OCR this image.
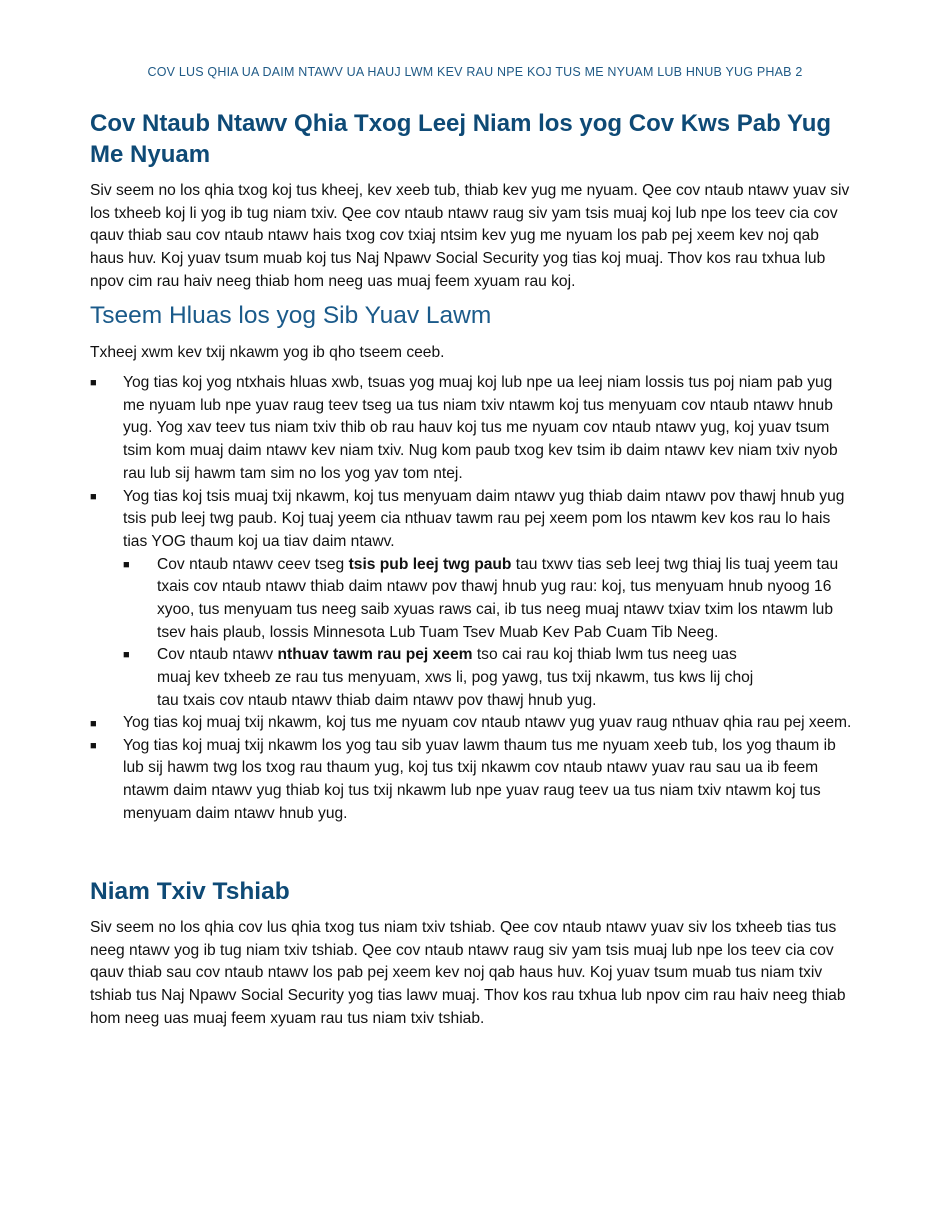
COV LUS QHIA UA DAIM NTAWV UA HAUJ LWM KEV RAU NPE KOJ TUS ME NYUAM LUB HNUB YUG PHAB 2
Cov Ntaub Ntawv Qhia Txog Leej Niam los yog Cov Kws Pab Yug Me Nyuam

Siv seem no los qhia txog koj tus kheej, kev xeeb tub, thiab kev yug me nyuam. Qee cov ntaub ntawv yuav siv los txheeb koj li yog ib tug niam txiv. Qee cov ntaub ntawv raug siv yam tsis muaj koj lub npe los teev cia cov qauv thiab sau cov ntaub ntawv hais txog cov txiaj ntsim kev yug me nyuam los pab pej xeem kev noj qab haus huv. Koj yuav tsum muab koj tus Naj Npawv Social Security yog tias koj muaj. Thov kos rau txhua lub npov cim rau haiv neeg thiab hom neeg uas muaj feem xyuam rau koj.

Tseem Hluas los yog Sib Yuav Lawm

Txheej xwm kev txij nkawm yog ib qho tseem ceeb.

■ Yog tias koj yog ntxhais hluas xwb, tsuas yog muaj koj lub npe ua leej niam lossis tus poj niam pab yug me nyuam lub npe yuav raug teev tseg ua tus niam txiv ntawm koj tus menyuam cov ntaub ntawv hnub yug. Yog xav teev tus niam txiv thib ob rau hauv koj tus me nyuam cov ntaub ntawv yug, koj yuav tsum tsim kom muaj daim ntawv kev niam txiv. Nug kom paub txog kev tsim ib daim ntawv kev niam txiv nyob rau lub sij hawm tam sim no los yog yav tom ntej.
■ Yog tias koj tsis muaj txij nkawm, koj tus menyuam daim ntawv yug thiab daim ntawv pov thawj hnub yug tsis pub leej twg paub. Koj tuaj yeem cia nthuav tawm rau pej xeem pom los ntawm kev kos rau lo hais tias YOG thaum koj ua tiav daim ntawv.
■ Cov ntaub ntawv ceev tseg tsis pub leej twg paub tau txwv tias seb leej twg thiaj lis tuaj yeem tau txais cov ntaub ntawv thiab daim ntawv pov thawj hnub yug rau: koj, tus menyuam hnub nyoog 16 xyoo, tus menyuam tus neeg saib xyuas raws cai, ib tus neeg muaj ntawv txiav txim los ntawm lub tsev hais plaub, lossis Minnesota Lub Tuam Tsev Muab Kev Pab Cuam Tib Neeg.
■ Cov ntaub ntawv nthuav tawm rau pej xeem tso cai rau koj thiab lwm tus neeg uas muaj kev txheeb ze rau tus menyuam, xws li, pog yawg, tus txij nkawm, tus kws lij choj tau txais cov ntaub ntawv thiab daim ntawv pov thawj hnub yug.
■ Yog tias koj muaj txij nkawm, koj tus me nyuam cov ntaub ntawv yug yuav raug nthuav qhia rau pej xeem.
■ Yog tias koj muaj txij nkawm los yog tau sib yuav lawm thaum tus me nyuam xeeb tub, los yog thaum ib lub sij hawm twg los txog rau thaum yug, koj tus txij nkawm cov ntaub ntawv yuav rau sau ua ib feem ntawm daim ntawv yug thiab koj tus txij nkawm lub npe yuav raug teev ua tus niam txiv ntawm koj tus menyuam daim ntawv hnub yug.
Niam Txiv Tshiab

Siv seem no los qhia cov lus qhia txog tus niam txiv tshiab. Qee cov ntaub ntawv yuav siv los txheeb tias tus neeg ntawv yog ib tug niam txiv tshiab. Qee cov ntaub ntawv raug siv yam tsis muaj lub npe los teev cia cov qauv thiab sau cov ntaub ntawv los pab pej xeem kev noj qab haus huv. Koj yuav tsum muab tus niam txiv tshiab tus Naj Npawv Social Security yog tias lawv muaj. Thov kos rau txhua lub npov cim rau haiv neeg thiab hom neeg uas muaj feem xyuam rau tus niam txiv tshiab.
